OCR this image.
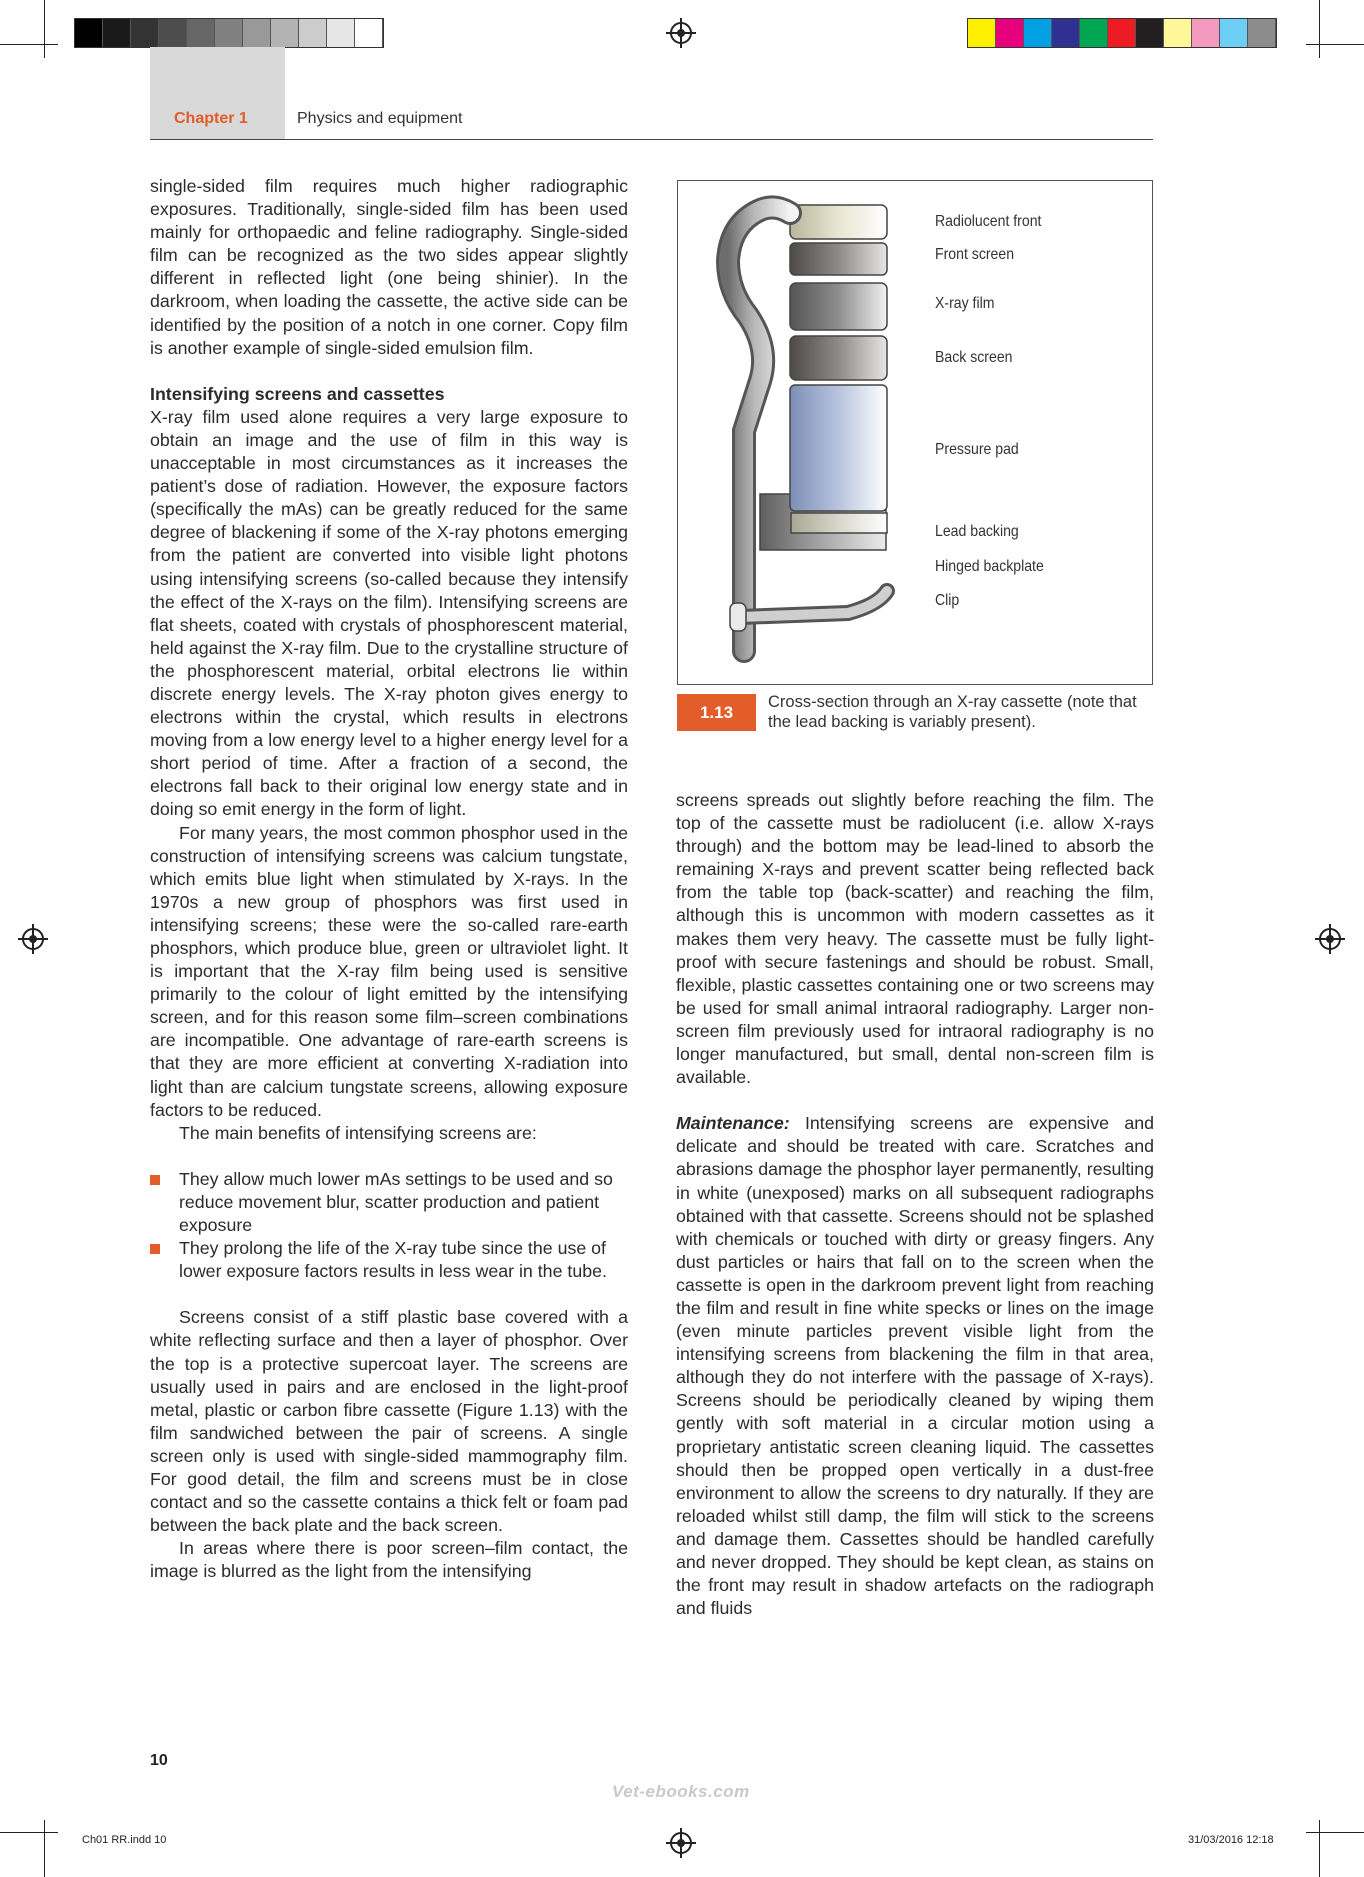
Chapter 1	Physics and equipment

single-sided film requires much higher radiographic exposures. Traditionally, single-sided film has been used mainly for orthopaedic and feline radiography. Single-sided film can be recognized as the two sides appear slightly different in reflected light (one being shinier). In the darkroom, when loading the cassette, the active side can be identified by the position of a notch in one corner. Copy film is another example of single-sided emulsion film.

Intensifying screens and cassettes

X-ray film used alone requires a very large exposure to obtain an image and the use of film in this way is unacceptable in most circumstances as it increases the patient’s dose of radiation. However, the exposure factors (specifically the mAs) can be greatly reduced for the same degree of blackening if some of the X-ray photons emerging from the patient are converted into visible light photons using intensifying screens (so-called because they intensify the effect of the X-rays on the film). Intensifying screens are flat sheets, coated with crystals of phosphorescent material, held against the X-ray film. Due to the crystalline structure of the phosphorescent material, orbital electrons lie within discrete energy levels. The X-ray photon gives energy to electrons within the crystal, which results in electrons moving from a low energy level to a higher energy level for a short period of time. After a fraction of a second, the electrons fall back to their original low energy state and in doing so emit energy in the form of light.

For many years, the most common phosphor used in the construction of intensifying screens was calcium tungstate, which emits blue light when stimulated by X-rays. In the 1970s a new group of phosphors was first used in intensifying screens; these were the so-called rare-earth phosphors, which produce blue, green or ultraviolet light. It is important that the X-ray film being used is sensitive primarily to the colour of light emitted by the intensifying screen, and for this reason some film–screen combinations are incompatible. One advantage of rare-earth screens is that they are more efficient at converting X-radiation into light than are calcium tungstate screens, allowing exposure factors to be reduced.

The main benefits of intensifying screens are:

They allow much lower mAs settings to be used and so reduce movement blur, scatter production and patient exposure
They prolong the life of the X-ray tube since the use of lower exposure factors results in less wear in the tube.

Screens consist of a stiff plastic base covered with a white reflecting surface and then a layer of phosphor. Over the top is a protective supercoat layer. The screens are usually used in pairs and are enclosed in the light-proof metal, plastic or carbon fibre cassette (Figure 1.13) with the film sandwiched between the pair of screens. A single screen only is used with single-sided mammography film. For good detail, the film and screens must be in close contact and so the cassette contains a thick felt or foam pad between the back plate and the back screen.

In areas where there is poor screen–film contact, the image is blurred as the light from the intensifying

Radiolucent front
Front screen
X-ray film
Back screen
Pressure pad
Lead backing
Hinged backplate
Clip
1.13
Cross-section through an X-ray cassette (note that the lead backing is variably present).

screens spreads out slightly before reaching the film. The top of the cassette must be radiolucent (i.e. allow X-rays through) and the bottom may be lead-lined to absorb the remaining X-rays and prevent scatter being reflected back from the table top (back-scatter) and reaching the film, although this is uncommon with modern cassettes as it makes them very heavy. The cassette must be fully light-proof with secure fastenings and should be robust. Small, flexible, plastic cassettes containing one or two screens may be used for small animal intraoral radiography. Larger non-screen film previously used for intraoral radiography is no longer manufactured, but small, dental non-screen film is available.

Maintenance: Intensifying screens are expensive and delicate and should be treated with care. Scratches and abrasions damage the phosphor layer permanently, resulting in white (unexposed) marks on all subsequent radiographs obtained with that cassette. Screens should not be splashed with chemicals or touched with dirty or greasy fingers. Any dust particles or hairs that fall on to the screen when the cassette is open in the darkroom prevent light from reaching the film and result in fine white specks or lines on the image (even minute particles prevent visible light from the intensifying screens from blackening the film in that area, although they do not interfere with the passage of X-rays). Screens should be periodically cleaned by wiping them gently with soft material in a circular motion using a proprietary antistatic screen cleaning liquid. The cassettes should then be propped open vertically in a dust-free environment to allow the screens to dry naturally. If they are reloaded whilst still damp, the film will stick to the screens and damage them. Cassettes should be handled carefully and never dropped. They should be kept clean, as stains on the front may result in shadow artefacts on the radiograph and fluids

10
Vet-ebooks.com
Ch01 RR.indd 10	31/03/2016 12:18
